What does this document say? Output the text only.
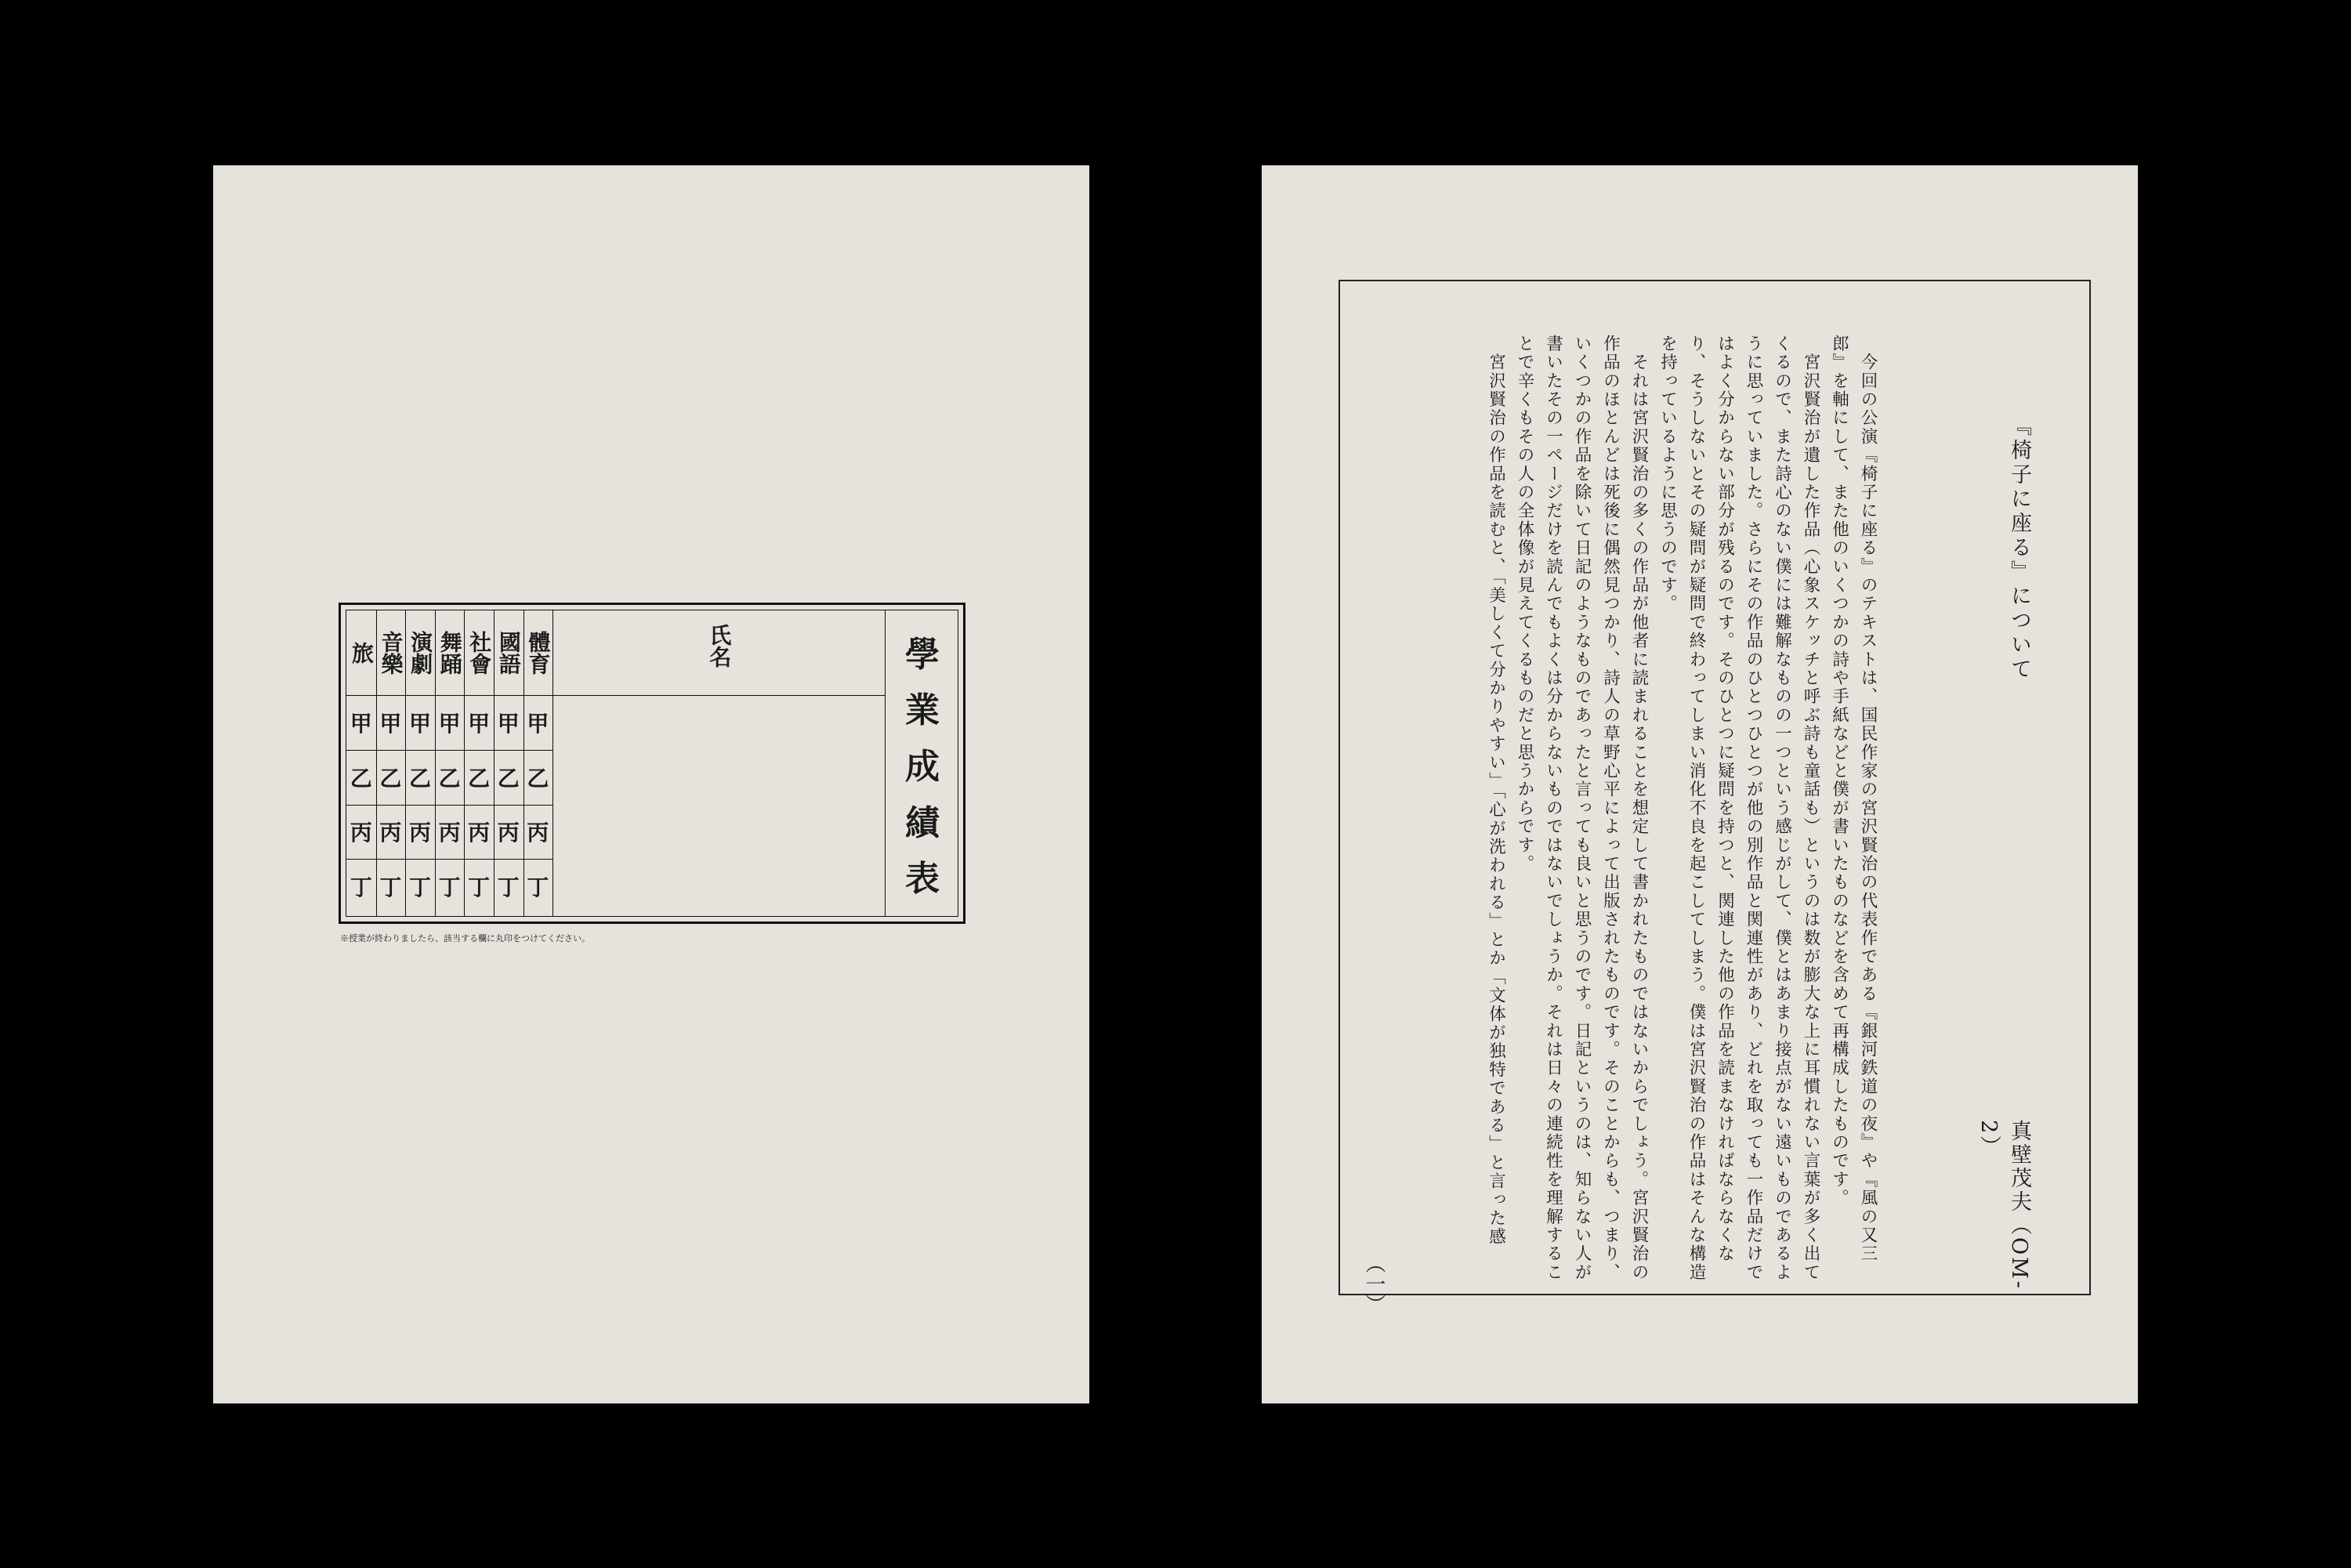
學
業
成
績
表
旅 音樂 演劇 舞踊 社會 國語 體育	氏名
甲 甲 甲 甲 甲 甲 甲
乙 乙 乙 乙 乙 乙 乙
丙 丙 丙 丙 丙 丙 丙
丁 丁 丁 丁 丁 丁 丁
※授業が終わりましたら、該当する欄に丸印をつけてください。
『椅子に座る』について
真壁茂夫（OM-2）

　今回の公演『椅子に座る』のテキストは、国民作家の宮沢賢治の代表作である『銀河鉄道の夜』や『風の又三郎』を軸にして、また他のいくつかの詩や手紙などと僕が書いたものなどを含めて再構成したものです。

　宮沢賢治が遺した作品（心象スケッチと呼ぶ詩も童話も）というのは数が膨大な上に耳慣れない言葉が多く出てくるので、また詩心のない僕には難解なものの一つという感じがして、僕とはあまり接点がない遠いものであるように思っていました。さらにその作品のひとつひとつが他の別作品と関連性があり、どれを取っても一作品だけではよく分からない部分が残るのです。そのひとつに疑問を持つと、関連した他の作品を読まなければならなくなり、そうしないとその疑問が疑問で終わってしまい消化不良を起こしてしまう。僕は宮沢賢治の作品はそんな構造を持っているように思うのです。

　それは宮沢賢治の多くの作品が他者に読まれることを想定して書かれたものではないからでしょう。宮沢賢治の作品のほとんどは死後に偶然見つかり、詩人の草野心平によって出版されたものです。そのことからも、つまり、いくつかの作品を除いて日記のようなものであったと言っても良いと思うのです。日記というのは、知らない人が書いたその一ページだけを読んでもよくは分からないものではないでしょうか。それは日々の連続性を理解することで辛くもその人の全体像が見えてくるものだと思うからです。

　宮沢賢治の作品を読むと、「美しくて分かりやすい」「心が洗われる」とか「文体が独特である」と言った感

（一）
